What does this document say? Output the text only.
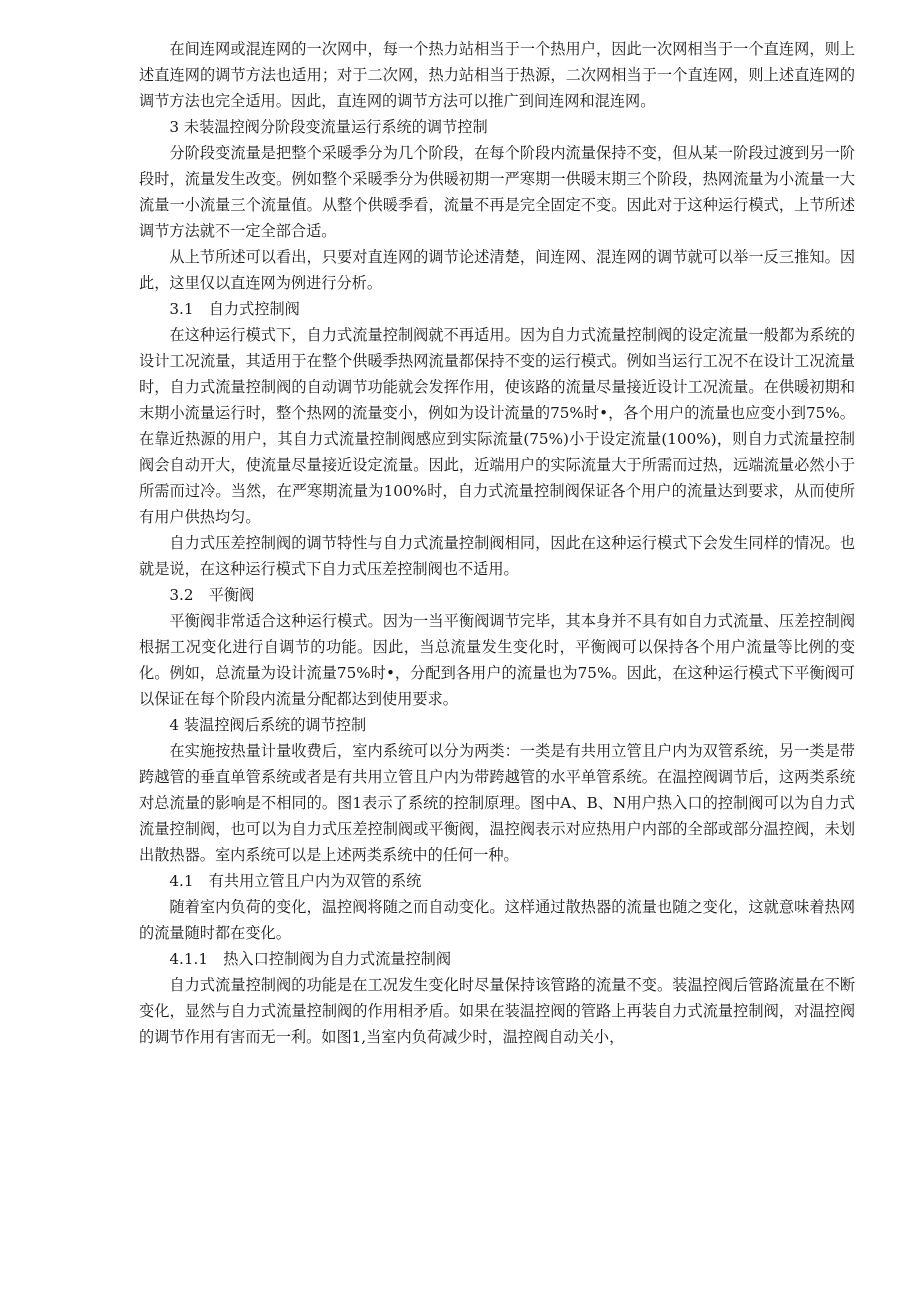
在间连网或混连网的一次网中，每一个热力站相当于一个热用户，因此一次网相当于一个直连网，则上述直连网的调节方法也适用；对于二次网，热力站相当于热源，二次网相当于一个直连网，则上述直连网的调节方法也完全适用。因此，直连网的调节方法可以推广到间连网和混连网。

3 未装温控阀分阶段变流量运行系统的调节控制

分阶段变流量是把整个采暖季分为几个阶段，在每个阶段内流量保持不变，但从某一阶段过渡到另一阶段时，流量发生改变。例如整个采暖季分为供暖初期一严寒期一供暖末期三个阶段，热网流量为小流量一大流量一小流量三个流量值。从整个供暖季看，流量不再是完全固定不变。因此对于这种运行模式，上节所述调节方法就不一定全部合适。

从上节所述可以看出，只要对直连网的调节论述清楚，间连网、混连网的调节就可以举一反三推知。因此，这里仅以直连网为例进行分析。

3.1　自力式控制阀

在这种运行模式下，自力式流量控制阀就不再适用。因为自力式流量控制阀的设定流量一般都为系统的设计工况流量，其适用于在整个供暖季热网流量都保持不变的运行模式。例如当运行工况不在设计工况流量时，自力式流量控制阀的自动调节功能就会发挥作用，使该路的流量尽量接近设计工况流量。在供暖初期和末期小流量运行时，整个热网的流量变小，例如为设计流量的75%时•，各个用户的流量也应变小到75%。在靠近热源的用户，其自力式流量控制阀感应到实际流量(75%)小于设定流量(100%)，则自力式流量控制阀会自动开大，使流量尽量接近设定流量。因此，近端用户的实际流量大于所需而过热，远端流量必然小于所需而过冷。当然，在严寒期流量为100%时，自力式流量控制阀保证各个用户的流量达到要求，从而使所有用户供热均匀。

自力式压差控制阀的调节特性与自力式流量控制阀相同，因此在这种运行模式下会发生同样的情况。也就是说，在这种运行模式下自力式压差控制阀也不适用。

3.2　平衡阀

平衡阀非常适合这种运行模式。因为一当平衡阀调节完毕，其本身并不具有如自力式流量、压差控制阀根据工况变化进行自调节的功能。因此，当总流量发生变化时，平衡阀可以保持各个用户流量等比例的变化。例如，总流量为设计流量75%时•，分配到各用户的流量也为75%。因此，在这种运行模式下平衡阀可以保证在每个阶段内流量分配都达到使用要求。

4 装温控阀后系统的调节控制

在实施按热量计量收费后，室内系统可以分为两类：一类是有共用立管且户内为双管系统，另一类是带跨越管的垂直单管系统或者是有共用立管且户内为带跨越管的水平单管系统。在温控阀调节后，这两类系统对总流量的影响是不相同的。图1表示了系统的控制原理。图中A、B、N用户热入口的控制阀可以为自力式流量控制阀，也可以为自力式压差控制阀或平衡阀，温控阀表示对应热用户内部的全部或部分温控阀，未划出散热器。室内系统可以是上述两类系统中的任何一种。

4.1　有共用立管且户内为双管的系统

随着室内负荷的变化，温控阀将随之而自动变化。这样通过散热器的流量也随之变化，这就意味着热网的流量随时都在变化。

4.1.1　热入口控制阀为自力式流量控制阀

自力式流量控制阀的功能是在工况发生变化时尽量保持该管路的流量不变。装温控阀后管路流量在不断变化，显然与自力式流量控制阀的作用相矛盾。如果在装温控阀的管路上再装自力式流量控制阀，对温控阀的调节作用有害而无一利。如图1,当室内负荷减少时，温控阀自动关小，
